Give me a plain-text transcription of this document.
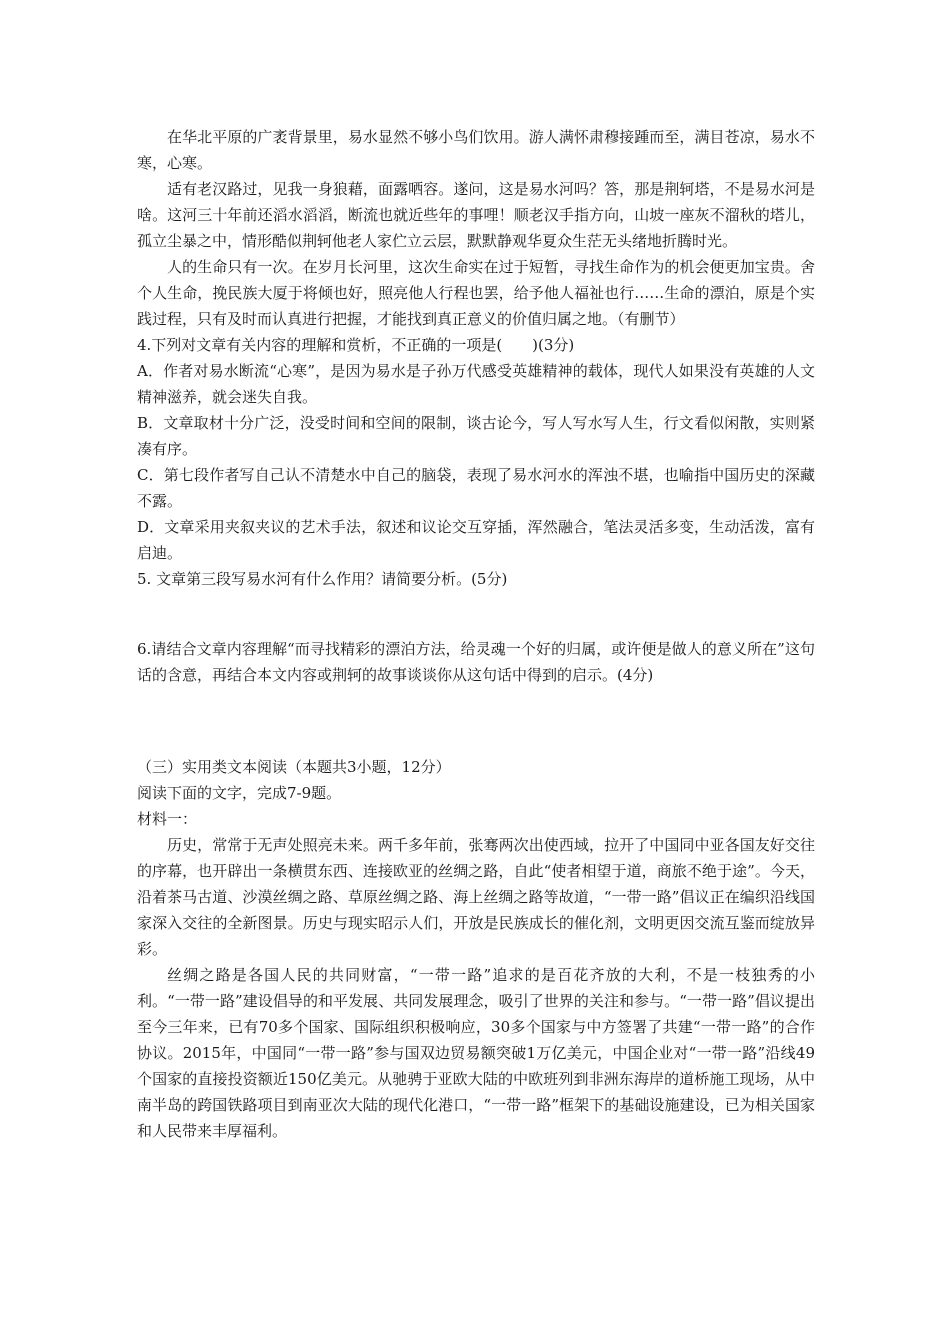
在华北平原的广袤背景里，易水显然不够小鸟们饮用。游人满怀肃穆接踵而至，满目苍凉，易水不寒，心寒。

适有老汉路过，见我一身狼藉，面露哂容。遂问，这是易水河吗？答，那是荆轲塔，不是易水河是啥。这河三十年前还滔水滔滔，断流也就近些年的事哩！顺老汉手指方向，山坡一座灰不溜秋的塔儿，孤立尘暴之中，情形酷似荆轲他老人家伫立云层，默默静观华夏众生茫无头绪地折腾时光。

人的生命只有一次。在岁月长河里，这次生命实在过于短暂，寻找生命作为的机会便更加宝贵。舍个人生命，挽民族大厦于将倾也好，照亮他人行程也罢，给予他人福祉也行……生命的漂泊，原是个实践过程，只有及时而认真进行把握，才能找到真正意义的价值归属之地。（有删节）

4.下列对文章有关内容的理解和赏析，不正确的一项是(　　)(3分)

A．作者对易水断流“心寒”，是因为易水是子孙万代感受英雄精神的载体，现代人如果没有英雄的人文精神滋养，就会迷失自我。

B．文章取材十分广泛，没受时间和空间的限制，谈古论今，写人写水写人生，行文看似闲散，实则紧凑有序。

C．第七段作者写自己认不清楚水中自己的脑袋，表现了易水河水的浑浊不堪，也喻指中国历史的深藏不露。

D．文章采用夹叙夹议的艺术手法，叙述和议论交互穿插，浑然融合，笔法灵活多变，生动活泼，富有启迪。

5. 文章第三段写易水河有什么作用？请简要分析。(5分)

6.请结合文章内容理解“而寻找精彩的漂泊方法，给灵魂一个好的归属，或许便是做人的意义所在”这句话的含意，再结合本文内容或荆轲的故事谈谈你从这句话中得到的启示。(4分)

（三）实用类文本阅读（本题共3小题，12分）

阅读下面的文字，完成7-9题。

材料一：

历史，常常于无声处照亮未来。两千多年前，张骞两次出使西域，拉开了中国同中亚各国友好交往的序幕，也开辟出一条横贯东西、连接欧亚的丝绸之路，自此“使者相望于道，商旅不绝于途”。今天，沿着茶马古道、沙漠丝绸之路、草原丝绸之路、海上丝绸之路等故道，“一带一路”倡议正在编织沿线国家深入交往的全新图景。历史与现实昭示人们，开放是民族成长的催化剂，文明更因交流互鉴而绽放异彩。

丝绸之路是各国人民的共同财富，“一带一路”追求的是百花齐放的大利，不是一枝独秀的小利。“一带一路”建设倡导的和平发展、共同发展理念，吸引了世界的关注和参与。“一带一路”倡议提出至今三年来，已有70多个国家、国际组织积极响应，30多个国家与中方签署了共建“一带一路”的合作协议。2015年，中国同“一带一路”参与国双边贸易额突破1万亿美元，中国企业对“一带一路”沿线49个国家的直接投资额近150亿美元。从驰骋于亚欧大陆的中欧班列到非洲东海岸的道桥施工现场，从中南半岛的跨国铁路项目到南亚次大陆的现代化港口，“一带一路”框架下的基础设施建设，已为相关国家和人民带来丰厚福利。
